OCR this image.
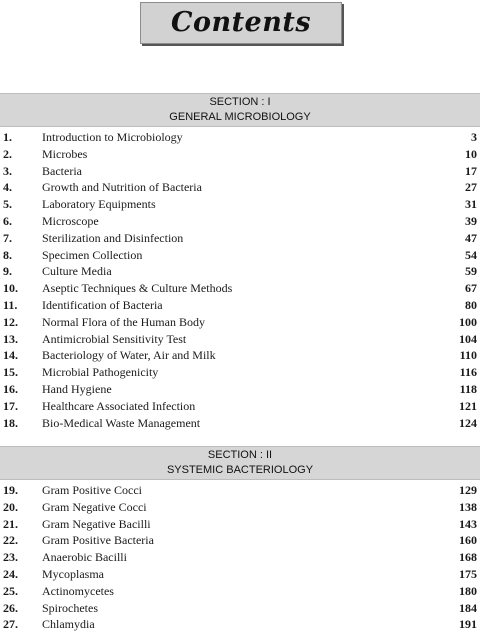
Contents
SECTION : I
GENERAL MICROBIOLOGY
1.	Introduction to Microbiology	3
2.	Microbes	10
3.	Bacteria	17
4.	Growth and Nutrition of Bacteria	27
5.	Laboratory Equipments	31
6.	Microscope	39
7.	Sterilization and Disinfection	47
8.	Specimen Collection	54
9.	Culture Media	59
10. Aseptic Techniques & Culture Methods	67
11. Identification of Bacteria	80
12. Normal Flora of the Human Body	100
13. Antimicrobial Sensitivity Test	104
14. Bacteriology of Water, Air and Milk	110
15. Microbial Pathogenicity	116
16. Hand Hygiene	118
17. Healthcare Associated Infection	121
18. Bio-Medical Waste Management	124
SECTION : II
SYSTEMIC BACTERIOLOGY
19. Gram Positive Cocci	129
20. Gram Negative Cocci	138
21. Gram Negative Bacilli	143
22. Gram Positive Bacteria	160
23. Anaerobic Bacilli	168
24. Mycoplasma	175
25. Actinomycetes	180
26. Spirochetes	184
27. Chlamydia	191
